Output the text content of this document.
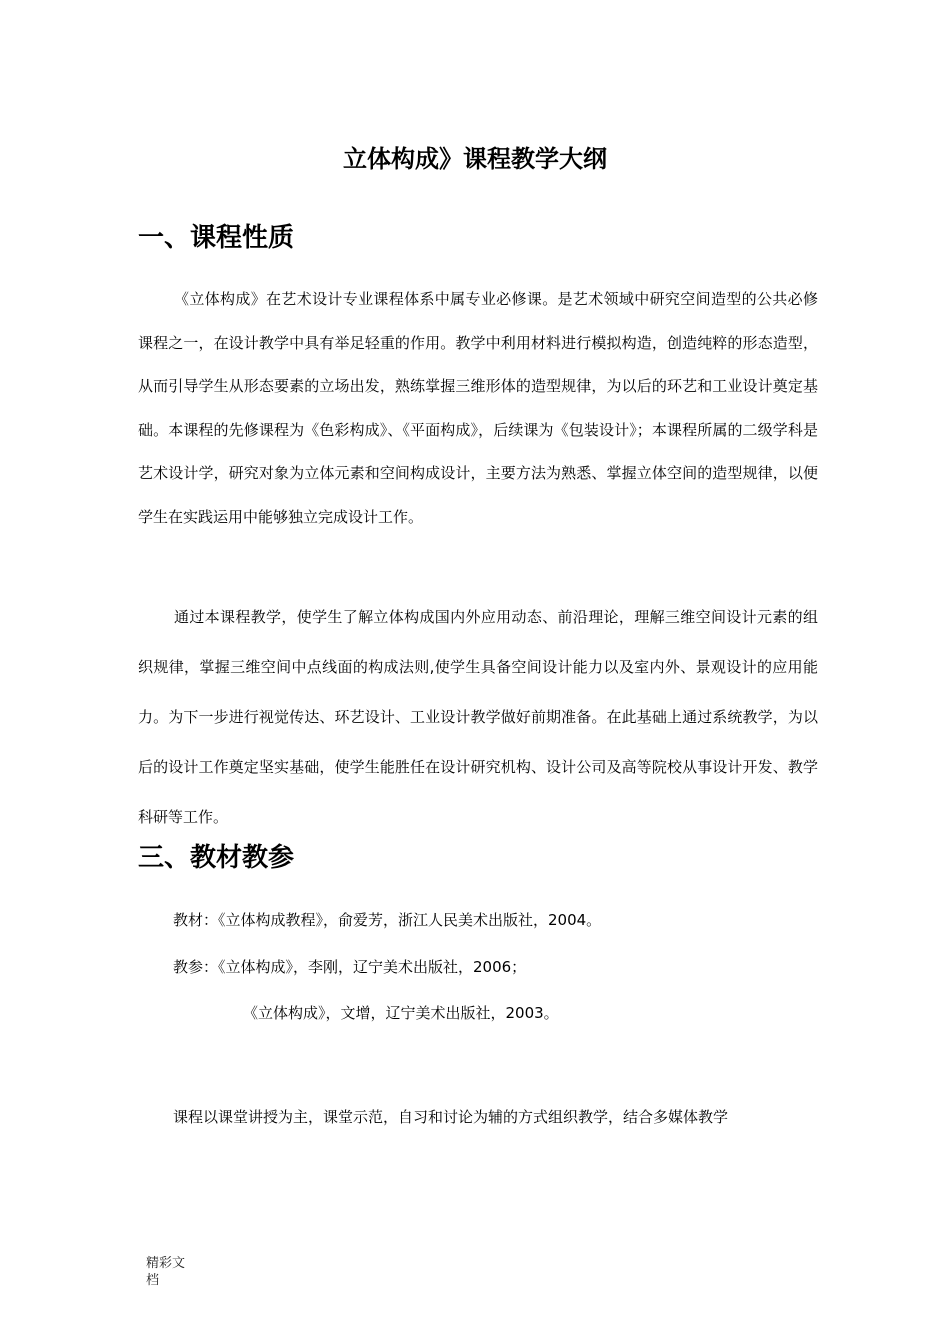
立体构成》课程教学大纲
一、课程性质

《立体构成》在艺术设计专业课程体系中属专业必修课。是艺术领域中研究空间造型的公共必修课程之一，在设计教学中具有举足轻重的作用。教学中利用材料进行模拟构造，创造纯粹的形态造型，从而引导学生从形态要素的立场出发，熟练掌握三维形体的造型规律，为以后的环艺和工业设计奠定基础。本课程的先修课程为《色彩构成》、《平面构成》，后续课为《包装设计》；本课程所属的二级学科是艺术设计学，研究对象为立体元素和空间构成设计，主要方法为熟悉、掌握立体空间的造型规律，以便学生在实践运用中能够独立完成设计工作。

通过本课程教学，使学生了解立体构成国内外应用动态、前沿理论，理解三维空间设计元素的组织规律，掌握三维空间中点线面的构成法则,使学生具备空间设计能力以及室内外、景观设计的应用能力。为下一步进行视觉传达、环艺设计、工业设计教学做好前期准备。在此基础上通过系统教学，为以后的设计工作奠定坚实基础，使学生能胜任在设计研究机构、设计公司及高等院校从事设计开发、教学科研等工作。

三、教材教参

教材：《立体构成教程》，俞爱芳，浙江人民美术出版社，2004。

教参：《立体构成》，李刚，辽宁美术出版社，2006；

《立体构成》，文增，辽宁美术出版社，2003。

课程以课堂讲授为主，课堂示范，自习和讨论为辅的方式组织教学，结合多媒体教学

精彩文档
